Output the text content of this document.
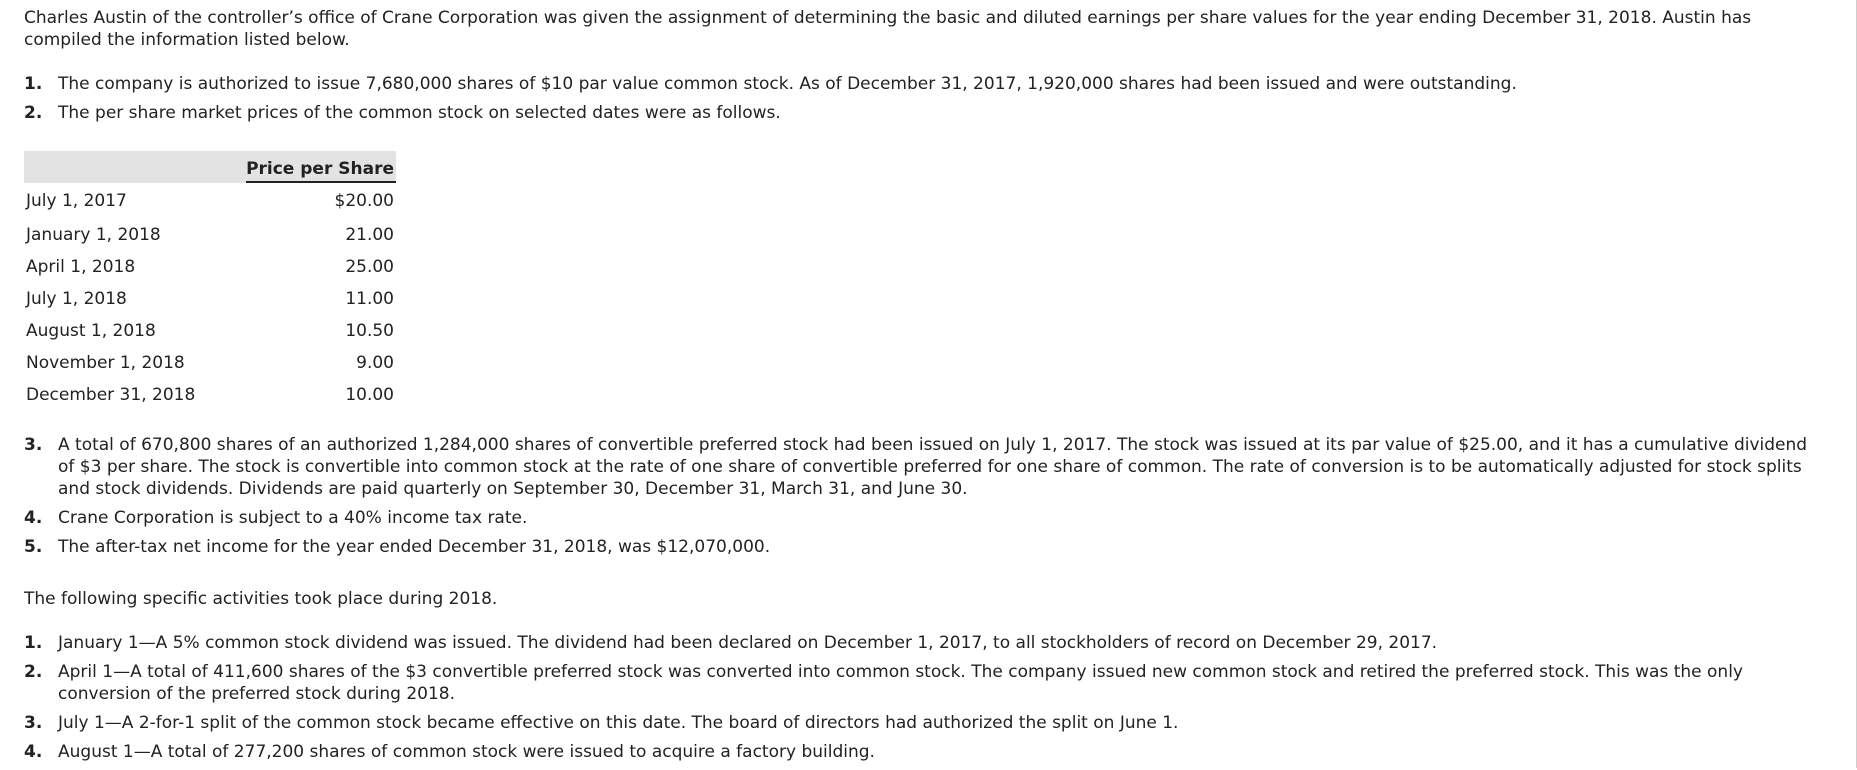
Charles Austin of the controller’s office of Crane Corporation was given the assignment of determining the basic and diluted earnings per share values for the year ending December 31, 2018. Austin has compiled the information listed below.

1. The company is authorized to issue 7,680,000 shares of $10 par value common stock. As of December 31, 2017, 1,920,000 shares had been issued and were outstanding.
2. The per share market prices of the common stock on selected dates were as follows.
	Price per Share
July 1, 2017	$20.00
January 1, 2018	21.00
April 1, 2018	25.00
July 1, 2018	11.00
August 1, 2018	10.50
November 1, 2018	9.00
December 31, 2018	10.00
3. A total of 670,800 shares of an authorized 1,284,000 shares of convertible preferred stock had been issued on July 1, 2017. The stock was issued at its par value of $25.00, and it has a cumulative dividend of $3 per share. The stock is convertible into common stock at the rate of one share of convertible preferred for one share of common. The rate of conversion is to be automatically adjusted for stock splits and stock dividends. Dividends are paid quarterly on September 30, December 31, March 31, and June 30.
4. Crane Corporation is subject to a 40% income tax rate.
5. The after-tax net income for the year ended December 31, 2018, was $12,070,000.

The following specific activities took place during 2018.

1. January 1—A 5% common stock dividend was issued. The dividend had been declared on December 1, 2017, to all stockholders of record on December 29, 2017.
2. April 1—A total of 411,600 shares of the $3 convertible preferred stock was converted into common stock. The company issued new common stock and retired the preferred stock. This was the only conversion of the preferred stock during 2018.
3. July 1—A 2-for-1 split of the common stock became effective on this date. The board of directors had authorized the split on June 1.
4. August 1—A total of 277,200 shares of common stock were issued to acquire a factory building.
